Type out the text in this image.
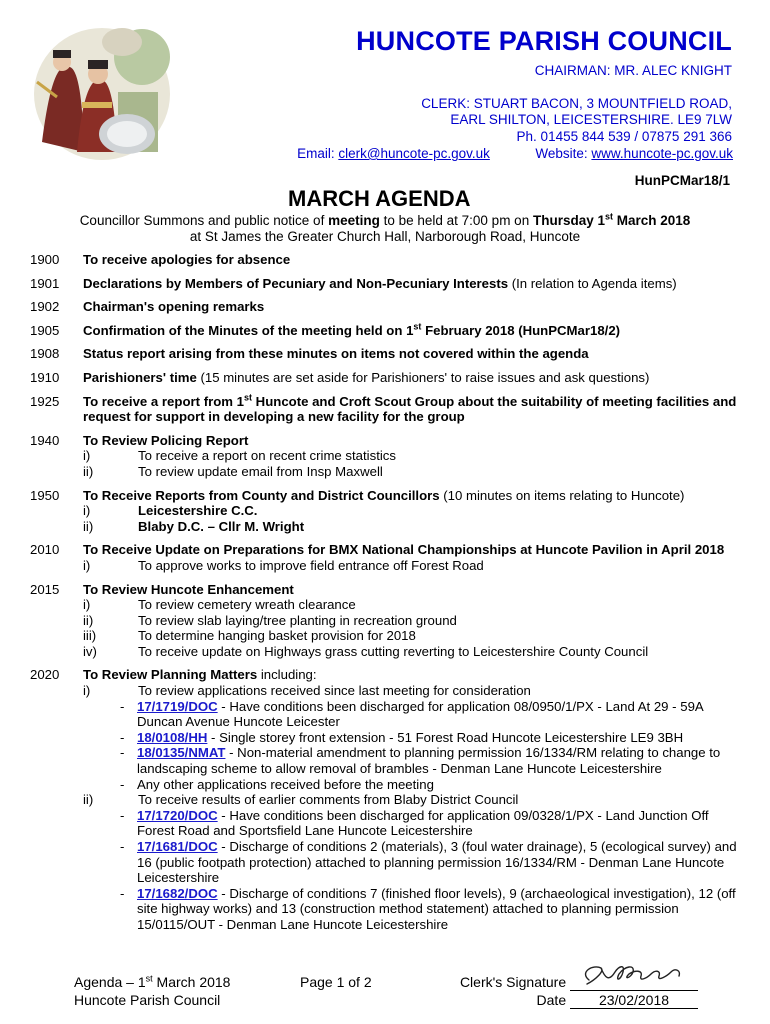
HUNCOTE PARISH COUNCIL
CHAIRMAN: MR. ALEC KNIGHT
CLERK: STUART BACON, 3 MOUNTFIELD ROAD,
EARL SHILTON, LEICESTERSHIRE. LE9 7LW
Ph. 01455 844 539 / 07875 291 366
Email: clerk@huncote-pc.gov.uk	Website: www.huncote-pc.gov.uk
HunPCMar18/1
MARCH AGENDA
Councillor Summons and public notice of meeting to be held at 7:00 pm on Thursday 1st March 2018
at St James the Greater Church Hall, Narborough Road, Huncote
1900 To receive apologies for absence
1901 Declarations by Members of Pecuniary and Non-Pecuniary Interests (In relation to Agenda items)
1902 Chairman's opening remarks
1905 Confirmation of the Minutes of the meeting held on 1st February 2018 (HunPCMar18/2)
1908 Status report arising from these minutes on items not covered within the agenda
1910 Parishioners' time (15 minutes are set aside for Parishioners' to raise issues and ask questions)
1925 To receive a report from 1st Huncote and Croft Scout Group about the suitability of meeting facilities and request for support in developing a new facility for the group
1940 To Review Policing Report
i)	To receive a report on recent crime statistics
ii)	To review update email from Insp Maxwell
1950 To Receive Reports from County and District Councillors (10 minutes on items relating to Huncote)
i)	Leicestershire C.C.
ii)	Blaby D.C. – Cllr M. Wright
2010 To Receive Update on Preparations for BMX National Championships at Huncote Pavilion in April 2018
i)	To approve works to improve field entrance off Forest Road
2015 To Review Huncote Enhancement
i)	To review cemetery wreath clearance
ii)	To review slab laying/tree planting in recreation ground
iii)	To determine hanging basket provision for 2018
iv)	To receive update on Highways grass cutting reverting to Leicestershire County Council
2020 To Review Planning Matters including:
i)	To review applications received since last meeting for consideration
- 17/1719/DOC - Have conditions been discharged for application 08/0950/1/PX - Land At 29 - 59A Duncan Avenue Huncote Leicester
- 18/0108/HH - Single storey front extension - 51 Forest Road Huncote Leicestershire LE9 3BH
- 18/0135/NMAT - Non-material amendment to planning permission 16/1334/RM relating to change to landscaping scheme to allow removal of brambles - Denman Lane Huncote Leicestershire
- Any other applications received before the meeting
ii)	To receive results of earlier comments from Blaby District Council
- 17/1720/DOC - Have conditions been discharged for application 09/0328/1/PX - Land Junction Off Forest Road and Sportsfield Lane Huncote Leicestershire
- 17/1681/DOC - Discharge of conditions 2 (materials), 3 (foul water drainage), 5 (ecological survey) and 16 (public footpath protection) attached to planning permission 16/1334/RM - Denman Lane Huncote Leicestershire
- 17/1682/DOC - Discharge of conditions 7 (finished floor levels), 9 (archaeological investigation), 12 (off site highway works) and 13 (construction method statement) attached to planning permission 15/0115/OUT - Denman Lane Huncote Leicestershire
Agenda – 1st March 2018
Huncote Parish Council
Page 1 of 2	Clerk's Signature
Date 23/02/2018
